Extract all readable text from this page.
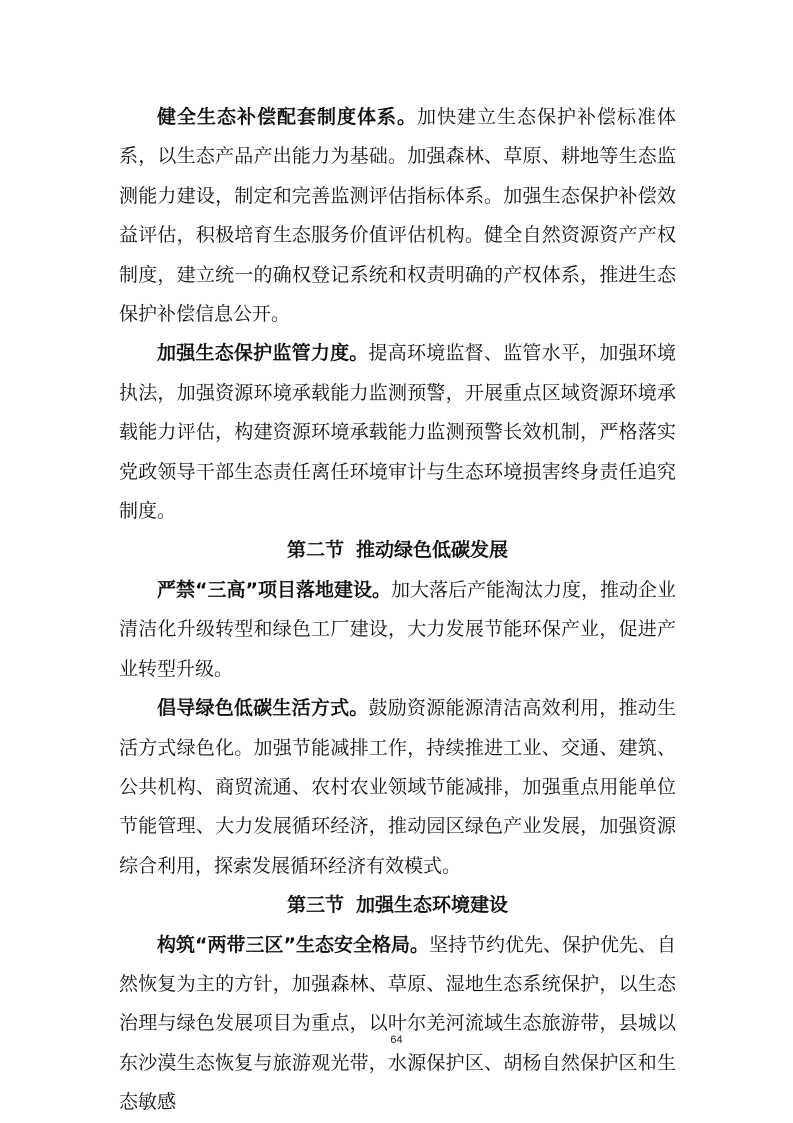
健全生态补偿配套制度体系。加快建立生态保护补偿标准体系，以生态产品产出能力为基础。加强森林、草原、耕地等生态监测能力建设，制定和完善监测评估指标体系。加强生态保护补偿效益评估，积极培育生态服务价值评估机构。健全自然资源资产产权制度，建立统一的确权登记系统和权责明确的产权体系，推进生态保护补偿信息公开。

加强生态保护监管力度。提高环境监督、监管水平，加强环境执法，加强资源环境承载能力监测预警，开展重点区域资源环境承载能力评估，构建资源环境承载能力监测预警长效机制，严格落实党政领导干部生态责任离任环境审计与生态环境损害终身责任追究制度。

第二节 推动绿色低碳发展

严禁“三高”项目落地建设。加大落后产能淘汰力度，推动企业清洁化升级转型和绿色工厂建设，大力发展节能环保产业，促进产业转型升级。

倡导绿色低碳生活方式。鼓励资源能源清洁高效利用，推动生活方式绿色化。加强节能减排工作，持续推进工业、交通、建筑、公共机构、商贸流通、农村农业领域节能减排，加强重点用能单位节能管理、大力发展循环经济，推动园区绿色产业发展，加强资源综合利用，探索发展循环经济有效模式。

第三节 加强生态环境建设

构筑“两带三区”生态安全格局。坚持节约优先、保护优先、自然恢复为主的方针，加强森林、草原、湿地生态系统保护，以生态治理与绿色发展项目为重点，以叶尔羌河流域生态旅游带，县城以东沙漠生态恢复与旅游观光带，水源保护区、胡杨自然保护区和生态敏感

64
